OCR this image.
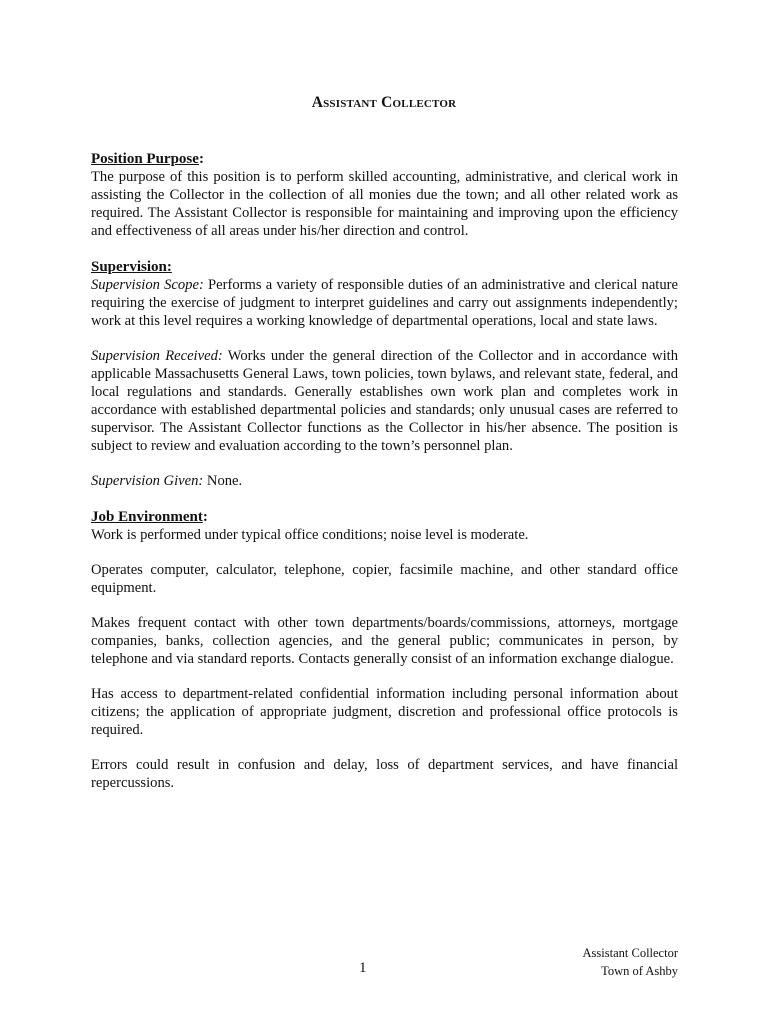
Assistant Collector

Position Purpose:

The purpose of this position is to perform skilled accounting, administrative, and clerical work in assisting the Collector in the collection of all monies due the town; and all other related work as required. The Assistant Collector is responsible for maintaining and improving upon the efficiency and effectiveness of all areas under his/her direction and control.

Supervision:

Supervision Scope: Performs a variety of responsible duties of an administrative and clerical nature requiring the exercise of judgment to interpret guidelines and carry out assignments independently; work at this level requires a working knowledge of departmental operations, local and state laws.

Supervision Received: Works under the general direction of the Collector and in accordance with applicable Massachusetts General Laws, town policies, town bylaws, and relevant state, federal, and local regulations and standards. Generally establishes own work plan and completes work in accordance with established departmental policies and standards; only unusual cases are referred to supervisor. The Assistant Collector functions as the Collector in his/her absence. The position is subject to review and evaluation according to the town’s personnel plan.

Supervision Given: None.

Job Environment:

Work is performed under typical office conditions; noise level is moderate.

Operates computer, calculator, telephone, copier, facsimile machine, and other standard office equipment.

Makes frequent contact with other town departments/boards/commissions, attorneys, mortgage companies, banks, collection agencies, and the general public; communicates in person, by telephone and via standard reports. Contacts generally consist of an information exchange dialogue.

Has access to department-related confidential information including personal information about citizens; the application of appropriate judgment, discretion and professional office protocols is required.

Errors could result in confusion and delay, loss of department services, and have financial repercussions.

1

Assistant Collector
Town of Ashby
